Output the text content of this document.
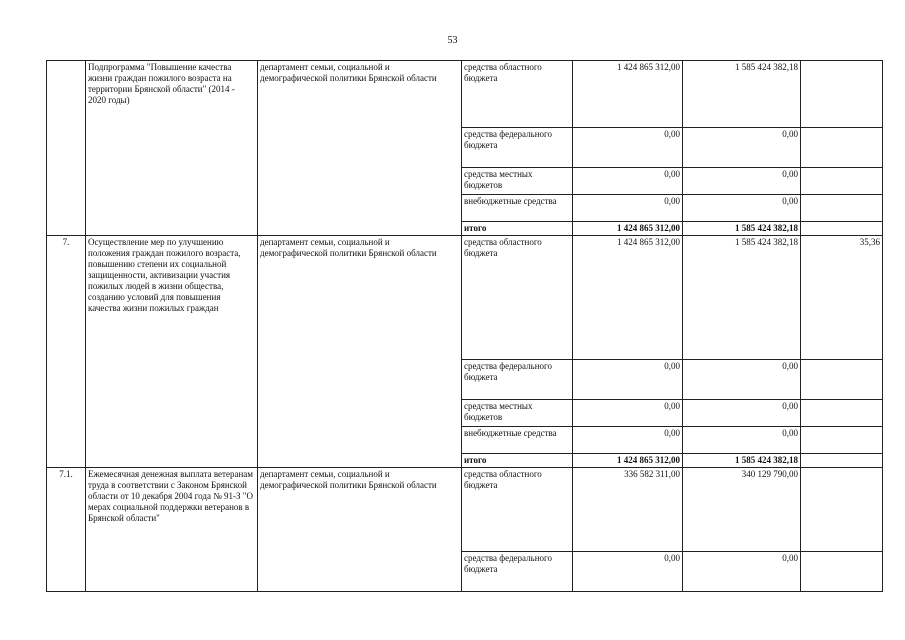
53
	Подпрограмма "Повышение качества жизни граждан пожилого возраста на территории Брянской области" (2014 - 2020 годы)	департамент семьи, социальной и демографической политики Брянской области	средства областного бюджета	1 424 865 312,00	1 585 424 382,18	
			средства федерального бюджета	0,00	0,00	
			средства местных бюджетов	0,00	0,00	
			внебюджетные средства	0,00	0,00	
			итого	1 424 865 312,00	1 585 424 382,18	
7.	Осуществление мер по улучшению положения граждан пожилого возраста, повышению степени их социальной защищенности, активизации участия пожилых людей в жизни общества, созданию условий для повышения качества жизни пожилых граждан	департамент семьи, социальной и демографической политики Брянской области	средства областного бюджета	1 424 865 312,00	1 585 424 382,18	35,36
			средства федерального бюджета	0,00	0,00	
			средства местных бюджетов	0,00	0,00	
			внебюджетные средства	0,00	0,00	
			итого	1 424 865 312,00	1 585 424 382,18	
7.1.	Ежемесячная денежная выплата ветеранам труда в соответствии с Законом Брянской области от 10 декабря 2004 года № 91-З "О мерах социальной поддержки ветеранов в Брянской области"	департамент семьи, социальной и демографической политики Брянской области	средства областного бюджета	336 582 311,00	340 129 790,00	
			средства федерального бюджета	0,00	0,00	
